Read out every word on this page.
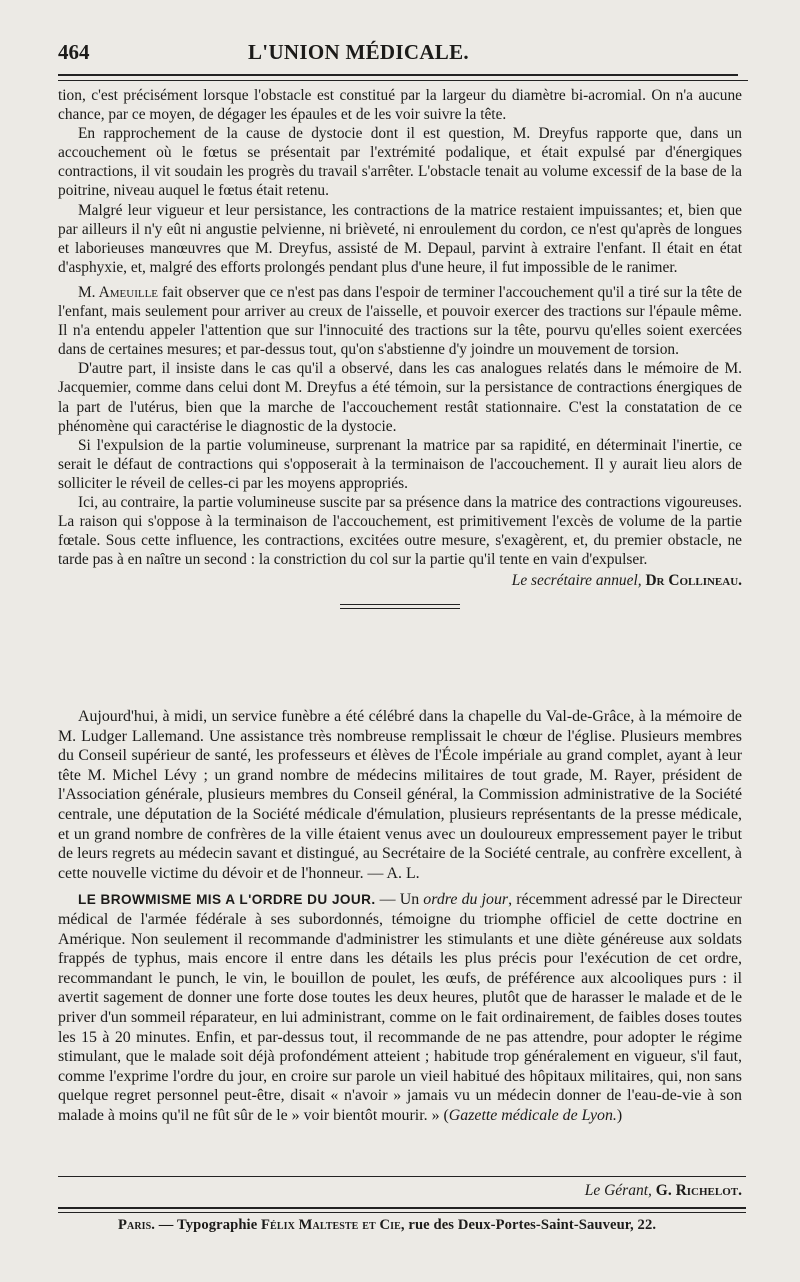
464	L'UNION MÉDICALE.

tion, c'est précisément lorsque l'obstacle est constitué par la largeur du diamètre bi-acromial. On n'a aucune chance, par ce moyen, de dégager les épaules et de les voir suivre la tête.

En rapprochement de la cause de dystocie dont il est question, M. Dreyfus rapporte que, dans un accouchement où le fœtus se présentait par l'extrémité podalique, et était expulsé par d'énergiques contractions, il vit soudain les progrès du travail s'arrêter. L'obstacle tenait au volume excessif de la base de la poitrine, niveau auquel le fœtus était retenu.

Malgré leur vigueur et leur persistance, les contractions de la matrice restaient impuissantes; et, bien que par ailleurs il n'y eût ni angustie pelvienne, ni brièveté, ni enroulement du cordon, ce n'est qu'après de longues et laborieuses manœuvres que M. Dreyfus, assisté de M. Depaul, parvint à extraire l'enfant. Il était en état d'asphyxie, et, malgré des efforts prolongés pendant plus d'une heure, il fut impossible de le ranimer.

M. Ameuille fait observer que ce n'est pas dans l'espoir de terminer l'accouchement qu'il a tiré sur la tête de l'enfant, mais seulement pour arriver au creux de l'aisselle, et pouvoir exercer des tractions sur l'épaule même. Il n'a entendu appeler l'attention que sur l'innocuité des tractions sur la tête, pourvu qu'elles soient exercées dans de certaines mesures; et par-dessus tout, qu'on s'abstienne d'y joindre un mouvement de torsion.

D'autre part, il insiste dans le cas qu'il a observé, dans les cas analogues relatés dans le mémoire de M. Jacquemier, comme dans celui dont M. Dreyfus a été témoin, sur la persistance de contractions énergiques de la part de l'utérus, bien que la marche de l'accouchement restât stationnaire. C'est la constatation de ce phénomène qui caractérise le diagnostic de la dystocie.

Si l'expulsion de la partie volumineuse, surprenant la matrice par sa rapidité, en déterminait l'inertie, ce serait le défaut de contractions qui s'opposerait à la terminaison de l'accouchement. Il y aurait lieu alors de solliciter le réveil de celles-ci par les moyens appropriés.

Ici, au contraire, la partie volumineuse suscite par sa présence dans la matrice des contractions vigoureuses. La raison qui s'oppose à la terminaison de l'accouchement, est primitivement l'excès de volume de la partie fœtale. Sous cette influence, les contractions, excitées outre mesure, s'exagèrent, et, du premier obstacle, ne tarde pas à en naître un second : la constriction du col sur la partie qu'il tente en vain d'expulser.

Le secrétaire annuel, Dr Collineau.

Aujourd'hui, à midi, un service funèbre a été célébré dans la chapelle du Val-de-Grâce, à la mémoire de M. Ludger Lallemand. Une assistance très nombreuse remplissait le chœur de l'église. Plusieurs membres du Conseil supérieur de santé, les professeurs et élèves de l'École impériale au grand complet, ayant à leur tête M. Michel Lévy ; un grand nombre de médecins militaires de tout grade, M. Rayer, président de l'Association générale, plusieurs membres du Conseil général, la Commission administrative de la Société centrale, une députation de la Société médicale d'émulation, plusieurs représentants de la presse médicale, et un grand nombre de confrères de la ville étaient venus avec un douloureux empressement payer le tribut de leurs regrets au médecin savant et distingué, au Secrétaire de la Société centrale, au confrère excellent, à cette nouvelle victime du dévoir et de l'honneur. — A. L.

LE BROWMISME MIS A L'ORDRE DU JOUR. — Un ordre du jour, récemment adressé par le Directeur médical de l'armée fédérale à ses subordonnés, témoigne du triomphe officiel de cette doctrine en Amérique. Non seulement il recommande d'administrer les stimulants et une diète généreuse aux soldats frappés de typhus, mais encore il entre dans les détails les plus précis pour l'exécution de cet ordre, recommandant le punch, le vin, le bouillon de poulet, les œufs, de préférence aux alcooliques purs : il avertit sagement de donner une forte dose toutes les deux heures, plutôt que de harasser le malade et de le priver d'un sommeil réparateur, en lui administrant, comme on le fait ordinairement, de faibles doses toutes les 15 à 20 minutes. Enfin, et par-dessus tout, il recommande de ne pas attendre, pour adopter le régime stimulant, que le malade soit déjà profondément atteient ; habitude trop généralement en vigueur, s'il faut, comme l'exprime l'ordre du jour, en croire sur parole un vieil habitué des hôpitaux militaires, qui, non sans quelque regret personnel peut-être, disait « n'avoir » jamais vu un médecin donner de l'eau-de-vie à son malade à moins qu'il ne fût sûr de le » voir bientôt mourir. » (Gazette médicale de Lyon.)

Le Gérant, G. Richelot.
Paris. — Typographie Félix Malteste et Cie, rue des Deux-Portes-Saint-Sauveur, 22.
